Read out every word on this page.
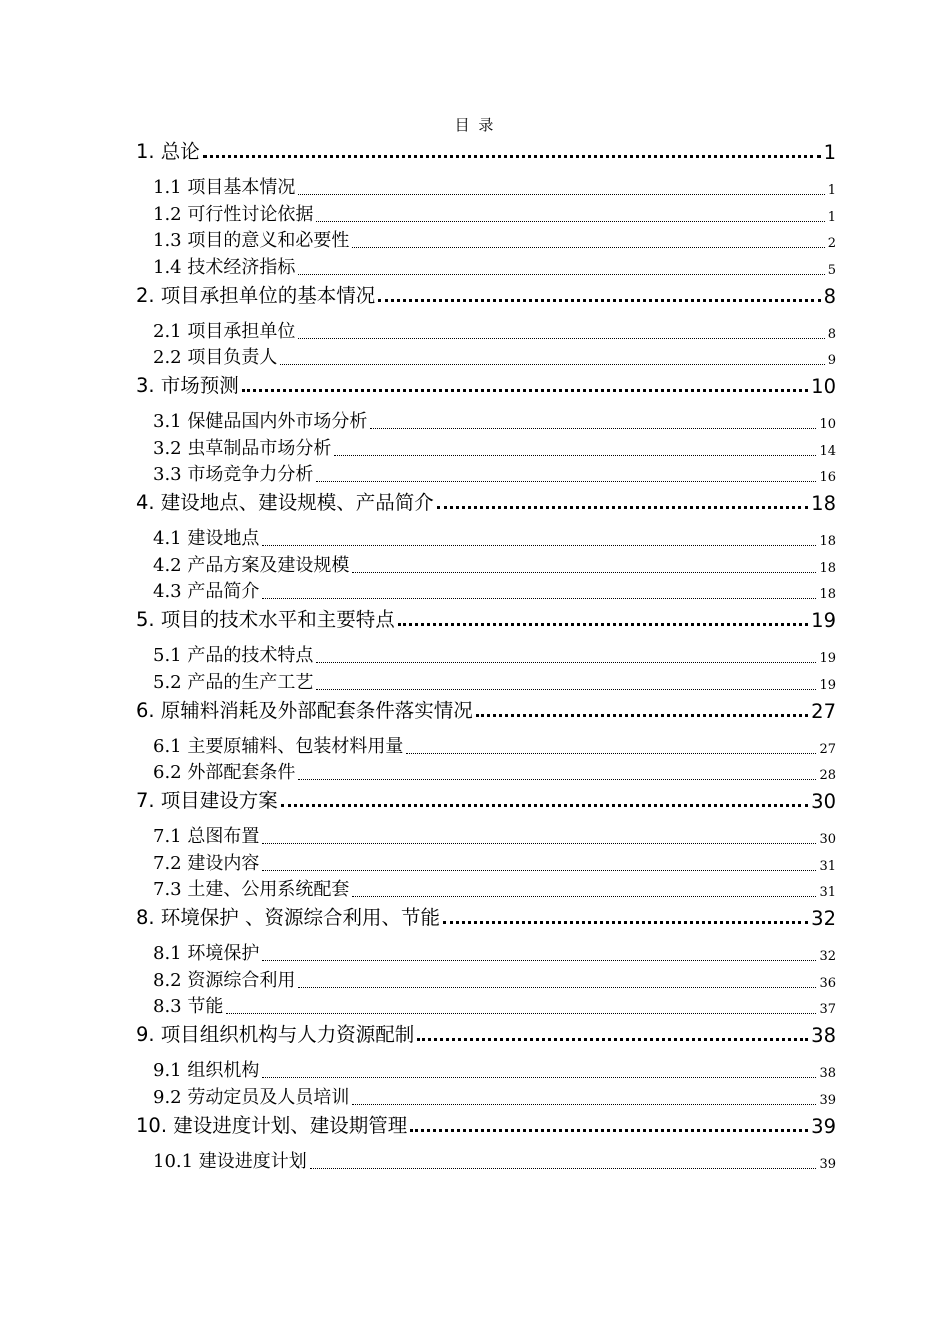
目 录
1. 总论	1
1.1 项目基本情况	1
1.2 可行性讨论依据	1
1.3 项目的意义和必要性	2
1.4 技术经济指标	5
2. 项目承担单位的基本情况	8
2.1 项目承担单位	8
2.2 项目负责人	9
3. 市场预测	10
3.1 保健品国内外市场分析	10
3.2 虫草制品市场分析	14
3.3 市场竞争力分析	16
4. 建设地点、建设规模、产品简介	18
4.1 建设地点	18
4.2 产品方案及建设规模	18
4.3 产品简介	18
5. 项目的技术水平和主要特点	19
5.1 产品的技术特点	19
5.2 产品的生产工艺	19
6. 原辅料消耗及外部配套条件落实情况	27
6.1 主要原辅料、包装材料用量	27
6.2 外部配套条件	28
7. 项目建设方案	30
7.1 总图布置	30
7.2 建设内容	31
7.3 土建、公用系统配套	31
8. 环境保护 、资源综合利用、节能	32
8.1 环境保护	32
8.2 资源综合利用	36
8.3 节能	37
9. 项目组织机构与人力资源配制	38
9.1 组织机构	38
9.2 劳动定员及人员培训	39
10. 建设进度计划、建设期管理	39
10.1 建设进度计划	39
